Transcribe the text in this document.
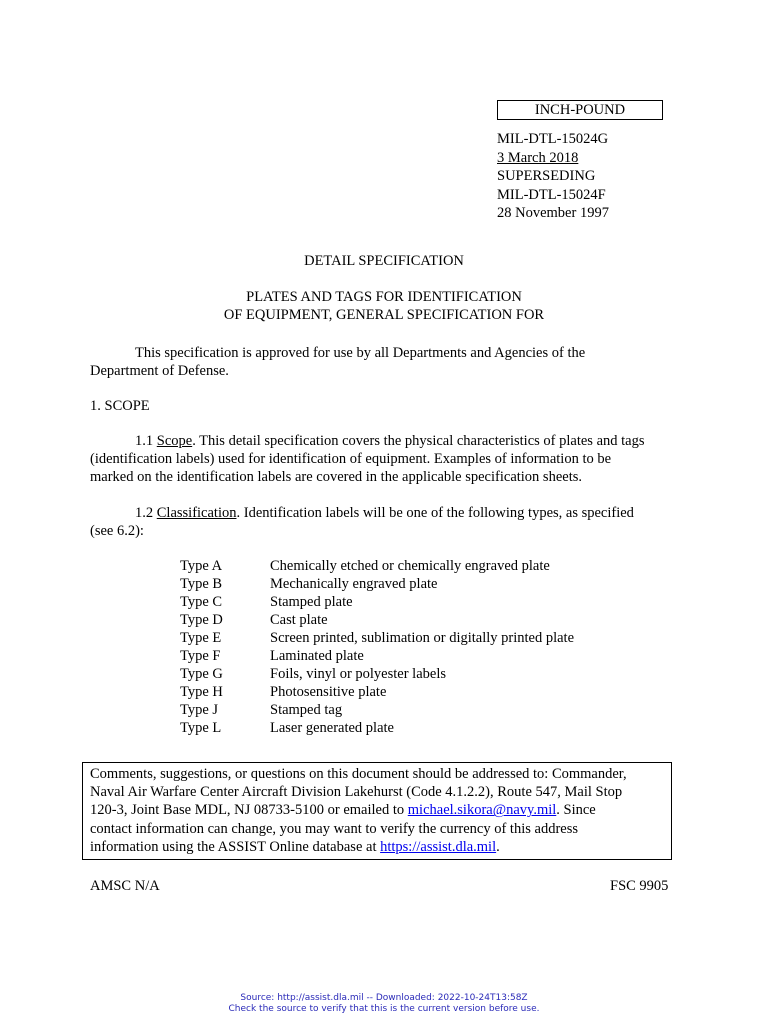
INCH-POUND
MIL-DTL-15024G
3 March 2018
SUPERSEDING
MIL-DTL-15024F
28 November 1997
DETAIL SPECIFICATION
PLATES AND TAGS FOR IDENTIFICATION
OF EQUIPMENT, GENERAL SPECIFICATION FOR
This specification is approved for use by all Departments and Agencies of the
Department of Defense.
1. SCOPE
1.1 Scope. This detail specification covers the physical characteristics of plates and tags
(identification labels) used for identification of equipment. Examples of information to be
marked on the identification labels are covered in the applicable specification sheets.
1.2 Classification. Identification labels will be one of the following types, as specified
(see 6.2):
Type A	Chemically etched or chemically engraved plate
Type B	Mechanically engraved plate
Type C	Stamped plate
Type D	Cast plate
Type E	Screen printed, sublimation or digitally printed plate
Type F	Laminated plate
Type G	Foils, vinyl or polyester labels
Type H	Photosensitive plate
Type J	Stamped tag
Type L	Laser generated plate
Comments, suggestions, or questions on this document should be addressed to: Commander,
Naval Air Warfare Center Aircraft Division Lakehurst (Code 4.1.2.2), Route 547, Mail Stop
120-3, Joint Base MDL, NJ 08733-5100 or emailed to michael.sikora@navy.mil. Since
contact information can change, you may want to verify the currency of this address
information using the ASSIST Online database at https://assist.dla.mil.
AMSC N/A	FSC 9905
Source: http://assist.dla.mil -- Downloaded: 2022-10-24T13:58Z
Check the source to verify that this is the current version before use.
